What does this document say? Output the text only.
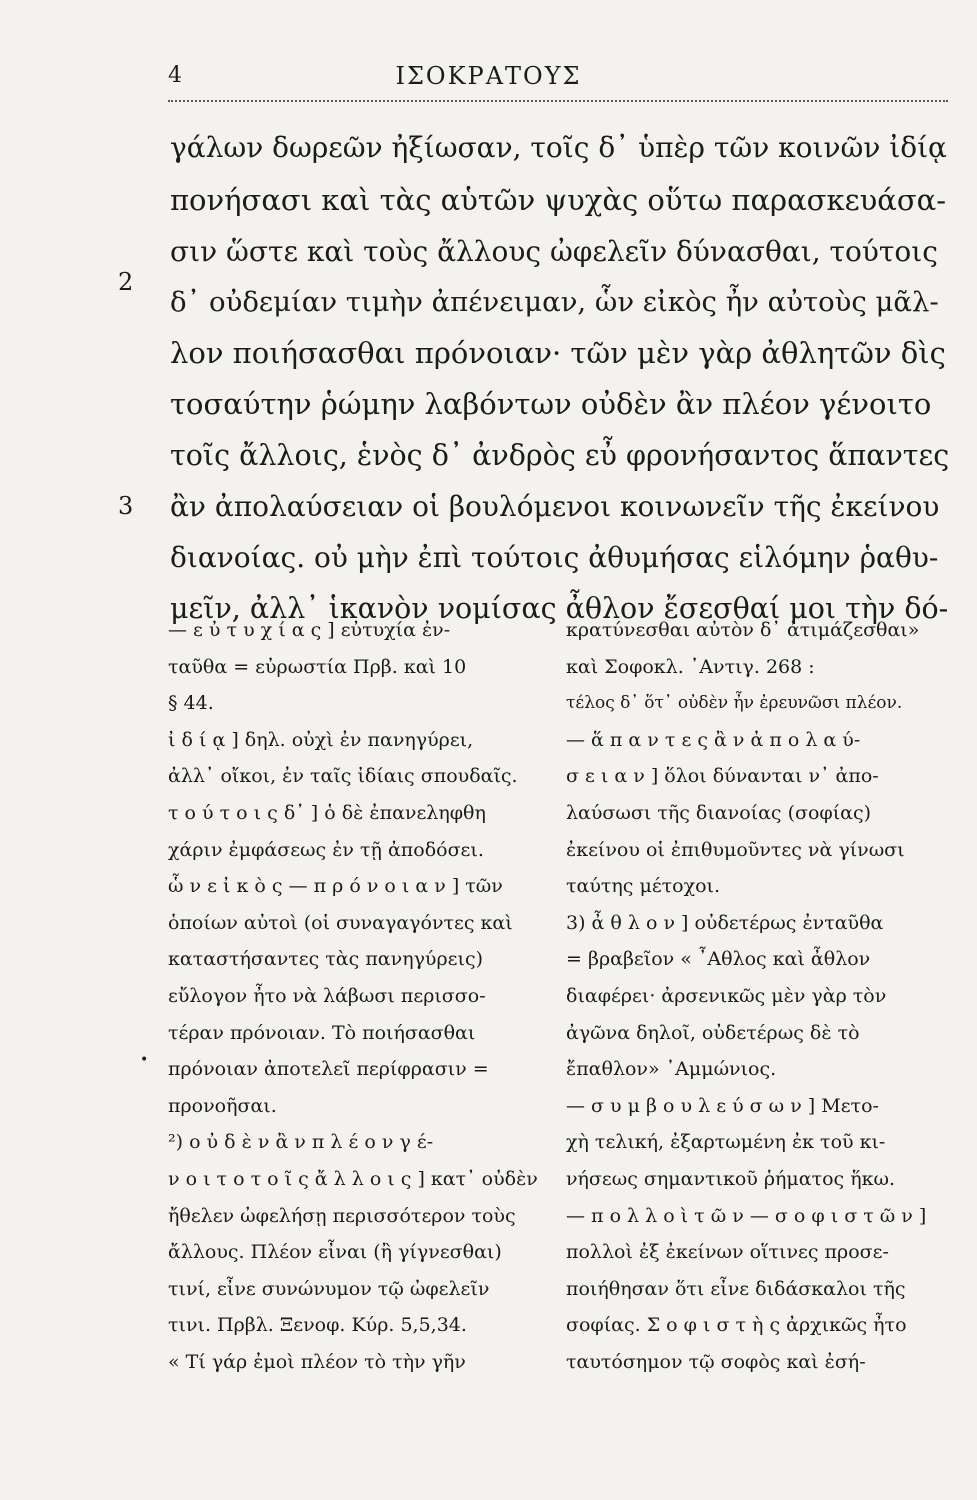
4	ΙΣΟΚΡΑΤΟΥΣ
2
3
•
γάλων δωρεῶν ἠξίωσαν, τοῖς δ᾽ ὑπὲρ τῶν κοινῶν ἰδίᾳ
πονήσασι καὶ τὰς αὑτῶν ψυχὰς οὕτω παρασκευάσα-
σιν ὥστε καὶ τοὺς ἄλλους ὠφελεῖν δύνασθαι, τούτοις
δ᾽ οὐδεμίαν τιμὴν ἀπένειμαν, ὧν εἰκὸς ἦν αὐτοὺς μᾶλ-
λον ποιήσασθαι πρόνοιαν· τῶν μὲν γὰρ ἀθλητῶν δὶς
τοσαύτην ῥώμην λαβόντων οὐδὲν ἂν πλέον γένοιτο
τοῖς ἄλλοις, ἑνὸς δ᾽ ἀνδρὸς εὖ φρονήσαντος ἅπαντες
ἂν ἀπολαύσειαν οἱ βουλόμενοι κοινωνεῖν τῆς ἐκείνου
διανοίας. οὐ μὴν ἐπὶ τούτοις ἀθυμήσας εἱλόμην ῥαθυ-
μεῖν, ἀλλ᾽ ἱκανὸν νομίσας ἆθλον ἔσεσθαί μοι τὴν δό-
— ε ὐ τ υ χ ί α ς ] εὐτυχία ἐν-
ταῦθα = εὐρωστία Πρβ. καὶ 10
§ 44.
ἰ δ ί ᾳ ] δηλ. οὐχὶ ἐν πανηγύρει,
ἀλλ᾽ οἴκοι, ἐν ταῖς ἰδίαις σπουδαῖς.
τ ο ύ τ ο ι ς δ᾽ ] ὁ δὲ ἐπανεληφθη
χάριν ἐμφάσεως ἐν τῇ ἀποδόσει.
ὧ ν ε ἰ κ ὸ ς — π ρ ό ν ο ι α ν ] τῶν
ὁποίων αὐτοὶ (οἱ συναγαγόντες καὶ
καταστήσαντες τὰς πανηγύρεις)
εὔλογον ἦτο νὰ λάβωσι περισσο-
τέραν πρόνοιαν. Τὸ ποιήσασθαι
πρόνοιαν ἀποτελεῖ περίφρασιν =
προνοῆσαι.
²) ο ὐ δ ὲ ν ἂ ν π λ έ ο ν γ έ-
ν ο ι τ ο τ ο ῖ ς ἄ λ λ ο ι ς ] κατ᾽ οὐδὲν
ἤθελεν ὠφελήσῃ περισσότερον τοὺς
ἄλλους. Πλέον εἶναι (ἢ γίγνεσθαι)
τινί, εἶνε συνώνυμον τῷ ὠφελεῖν
τινι. Πρβλ. Ξενοφ. Κύρ. 5,5,34.
« Τί γάρ ἐμοὶ πλέον τὸ τὴν γῆν
κρατύνεσθαι αὐτὸν δ᾽ ἀτιμάζεσθαι»
καὶ Σοφοκλ. ᾽Αντιγ. 268 :
τέλος δ᾽ ὅτ᾽ οὐδὲν ἦν ἐρευνῶσι πλέον.
— ἅ π α ν τ ε ς ἂ ν ἀ π ο λ α ύ-
σ ε ι α ν ] ὅλοι δύνανται ν᾽ ἀπο-
λαύσωσι τῆς διανοίας (σοφίας)
ἐκείνου οἱ ἐπιθυμοῦντες νὰ γίνωσι
ταύτης μέτοχοι.
3) ἆ θ λ ο ν ] οὐδετέρως ἐνταῦθα
= βραβεῖον « ῏Αθλος καὶ ἆθλον
διαφέρει· ἀρσενικῶς μὲν γὰρ τὸν
ἀγῶνα δηλοῖ, οὐδετέρως δὲ τὸ
ἔπαθλον» ᾽Αμμώνιος.
— σ υ μ β ο υ λ ε ύ σ ω ν ] Μετο-
χὴ τελική, ἐξαρτωμένη ἐκ τοῦ κι-
νήσεως σημαντικοῦ ῥήματος ἥκω.
— π ο λ λ ο ὶ τ ῶ ν — σ ο φ ι σ τ ῶ ν ]
πολλοὶ ἐξ ἐκείνων οἵτινες προσε-
ποιήθησαν ὅτι εἶνε διδάσκαλοι τῆς
σοφίας. Σ ο φ ι σ τ ὴ ς ἀρχικῶς ἦτο
ταυτόσημον τῷ σοφὸς καὶ ἐσή-
